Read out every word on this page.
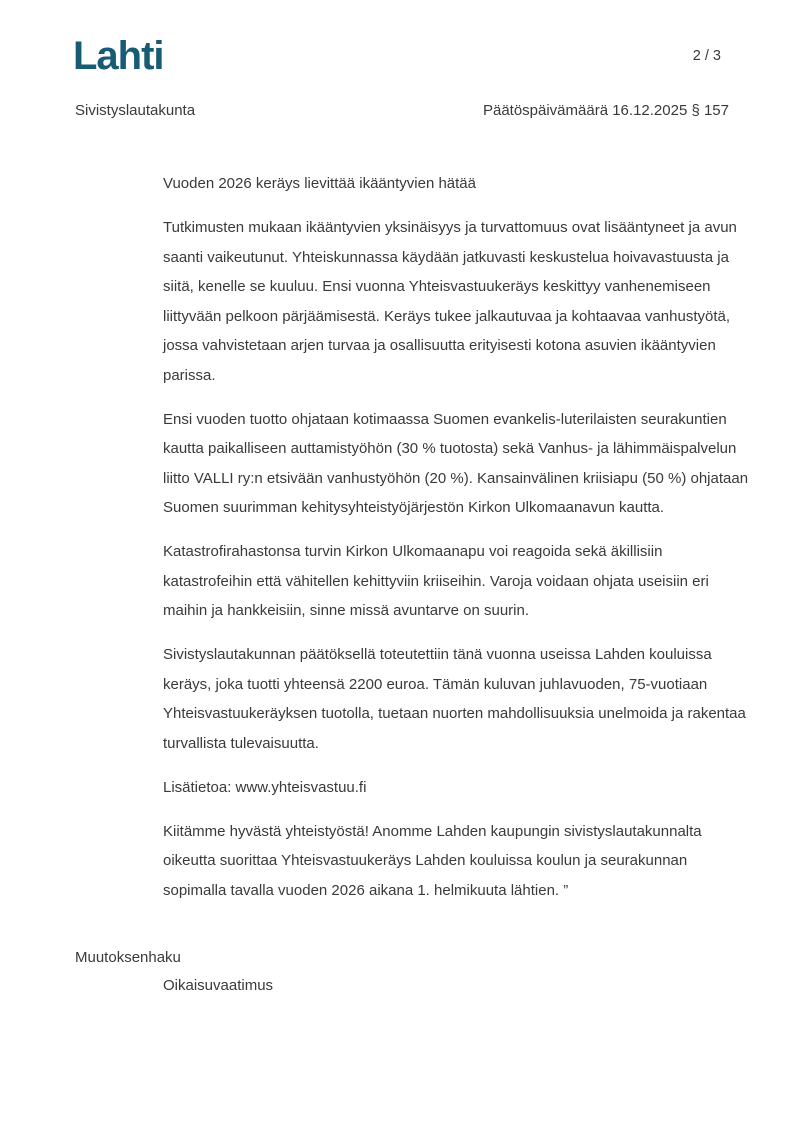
Lahti	2 / 3
Sivistyslautakunta	Päätöspäivämäärä 16.12.2025 § 157

Vuoden 2026 keräys lievittää ikääntyvien hätää

Tutkimusten mukaan ikääntyvien yksinäisyys ja turvattomuus ovat lisääntyneet ja avun saanti vaikeutunut. Yhteiskunnassa käydään jatkuvasti keskustelua hoivavastuusta ja siitä, kenelle se kuuluu. Ensi vuonna Yhteisvastuukeräys keskittyy vanhenemiseen liittyvään pelkoon pärjäämisestä. Keräys tukee jalkautuvaa ja kohtaavaa vanhustyötä, jossa vahvistetaan arjen turvaa ja osallisuutta erityisesti kotona asuvien ikääntyvien parissa.

Ensi vuoden tuotto ohjataan kotimaassa Suomen evankelis-luterilaisten seurakuntien kautta paikalliseen auttamistyöhön (30 % tuotosta) sekä Vanhus- ja lähimmäispalvelun liitto VALLI ry:n etsivään vanhustyöhön (20 %). Kansainvälinen kriisiapu (50 %) ohjataan Suomen suurimman kehitysyhteistyöjärjestön Kirkon Ulkomaanavun kautta.

Katastrofirahastonsa turvin Kirkon Ulkomaanapu voi reagoida sekä äkillisiin katastrofeihin että vähitellen kehittyviin kriiseihin. Varoja voidaan ohjata useisiin eri maihin ja hankkeisiin, sinne missä avuntarve on suurin.

Sivistyslautakunnan päätöksellä toteutettiin tänä vuonna useissa Lahden kouluissa keräys, joka tuotti yhteensä 2200 euroa. Tämän kuluvan juhlavuoden, 75-vuotiaan Yhteisvastuukeräyksen tuotolla, tuetaan nuorten mahdollisuuksia unelmoida ja rakentaa turvallista tulevaisuutta.

Lisätietoa: www.yhteisvastuu.fi

Kiitämme hyvästä yhteistyöstä! Anomme Lahden kaupungin sivistyslautakunnalta oikeutta suorittaa Yhteisvastuukeräys Lahden kouluissa koulun ja seurakunnan sopimalla tavalla vuoden 2026 aikana 1. helmikuuta lähtien. ”

Muutoksenhaku
Oikaisuvaatimus
